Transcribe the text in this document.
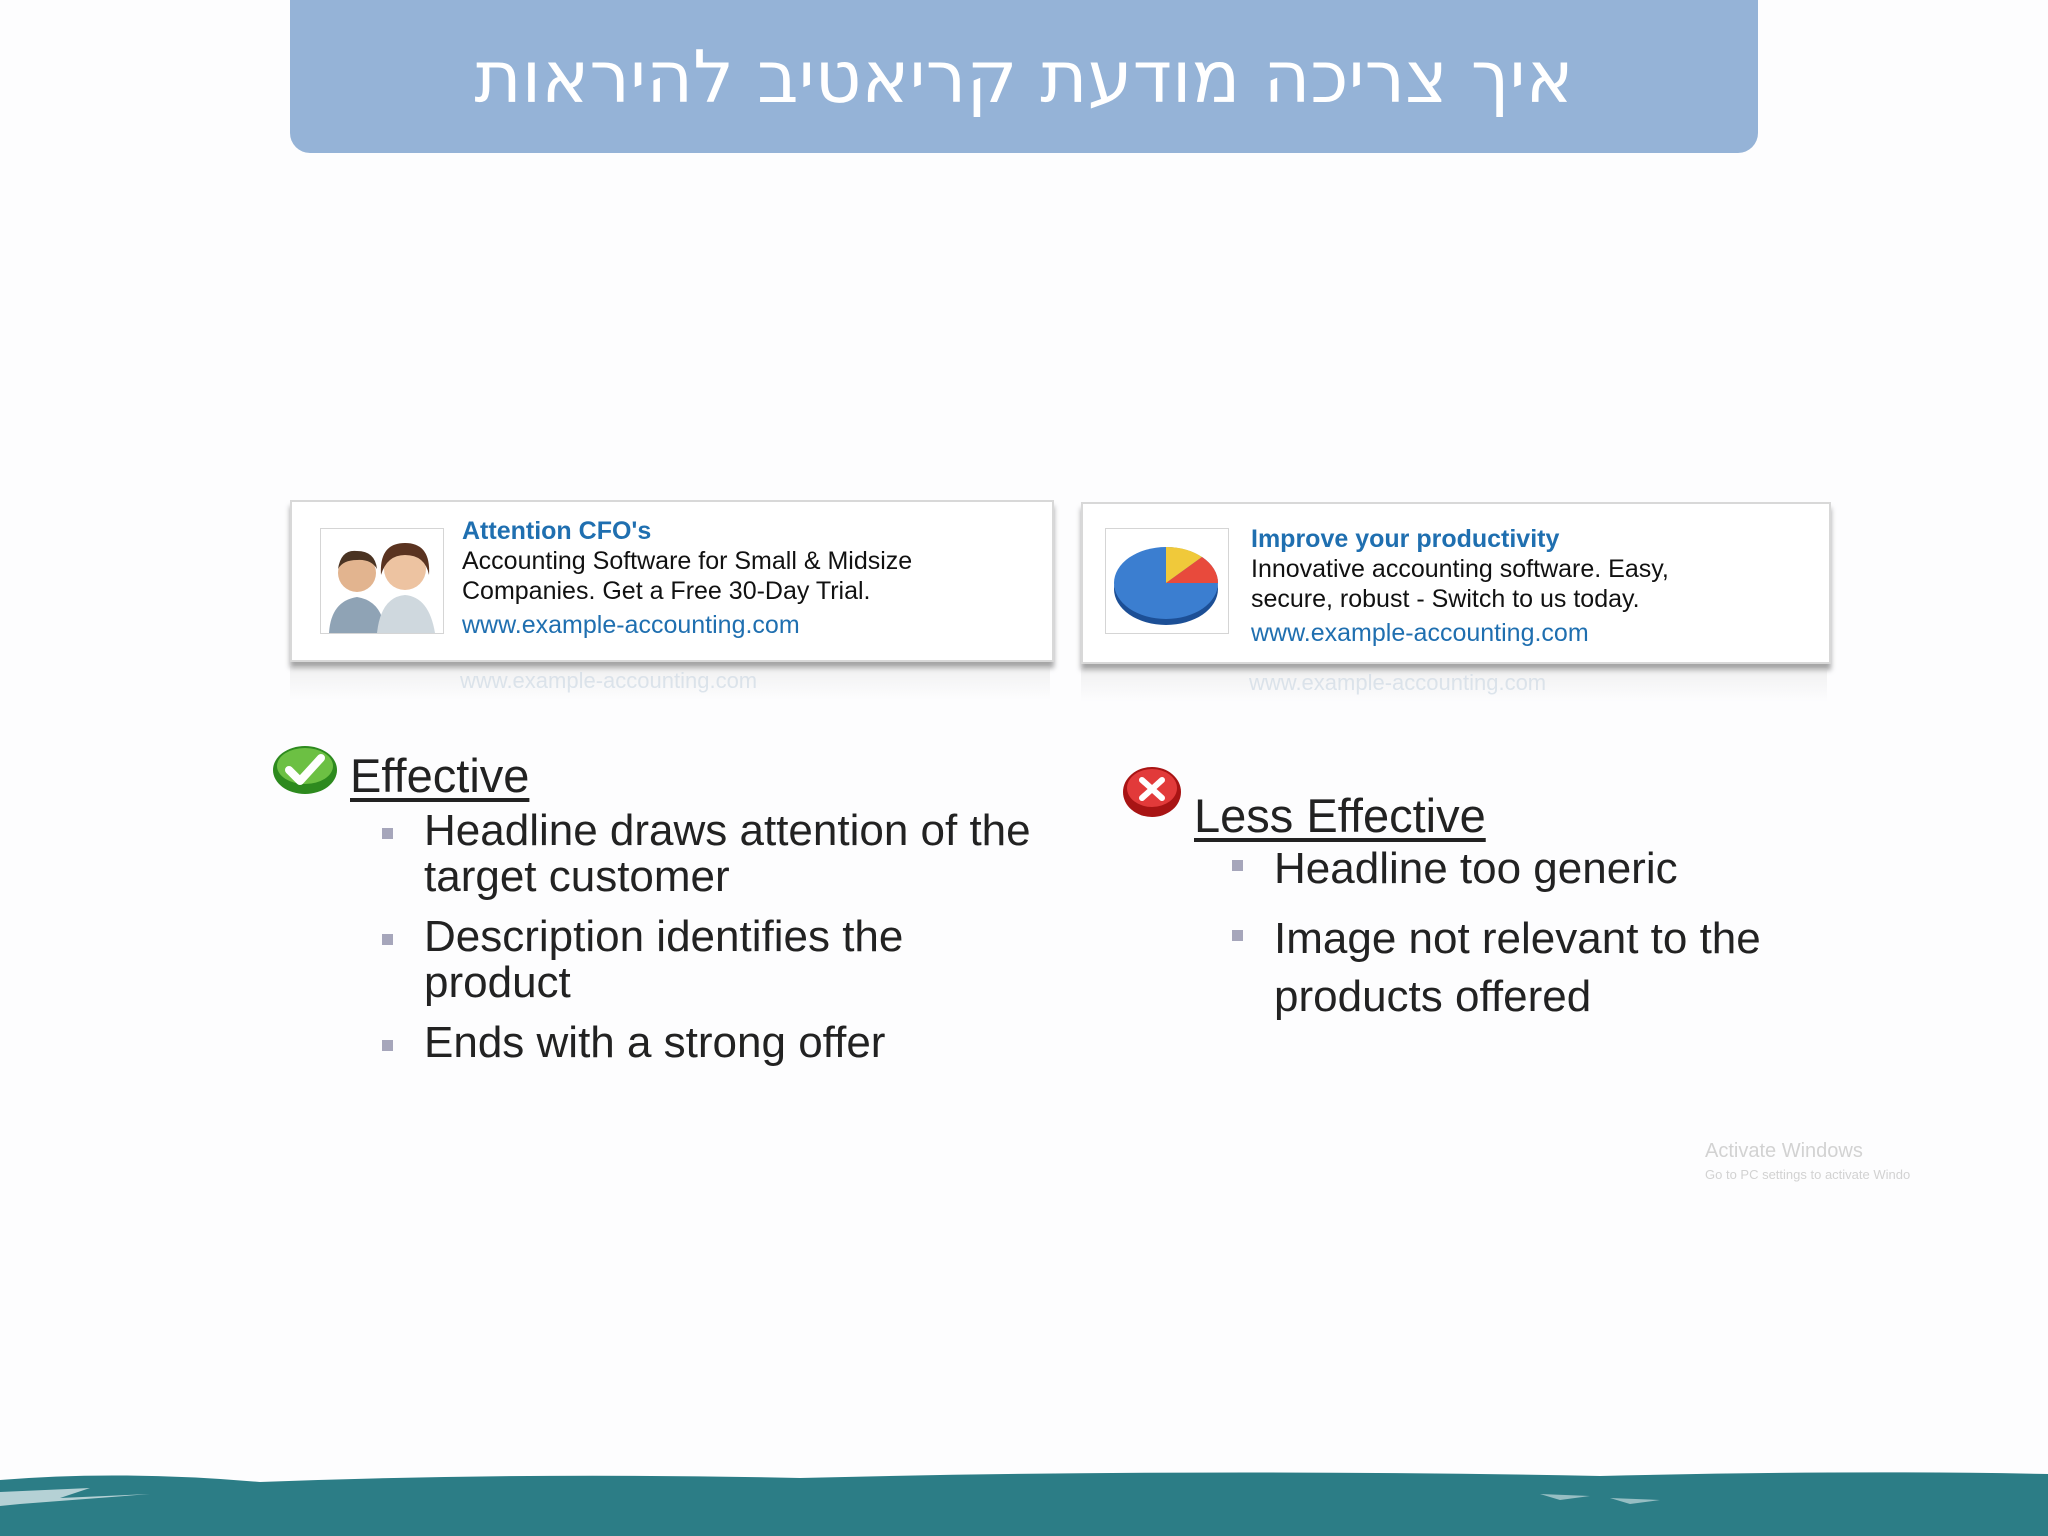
איך צריכה מודעת קריאטיב להיראות
Attention CFO's
Accounting Software for Small & Midsize
Companies. Get a Free 30-Day Trial.
www.example-accounting.com
www.example-accounting.com
Improve your productivity
Innovative accounting software. Easy,
secure, robust - Switch to us today.
www.example-accounting.com
www.example-accounting.com
Effective
Headline draws attention of the target customer
Description identifies the product
Ends with a strong offer
Less Effective
Headline too generic
Image not relevant to the products offered
Activate Windows
Go to PC settings to activate Windo
